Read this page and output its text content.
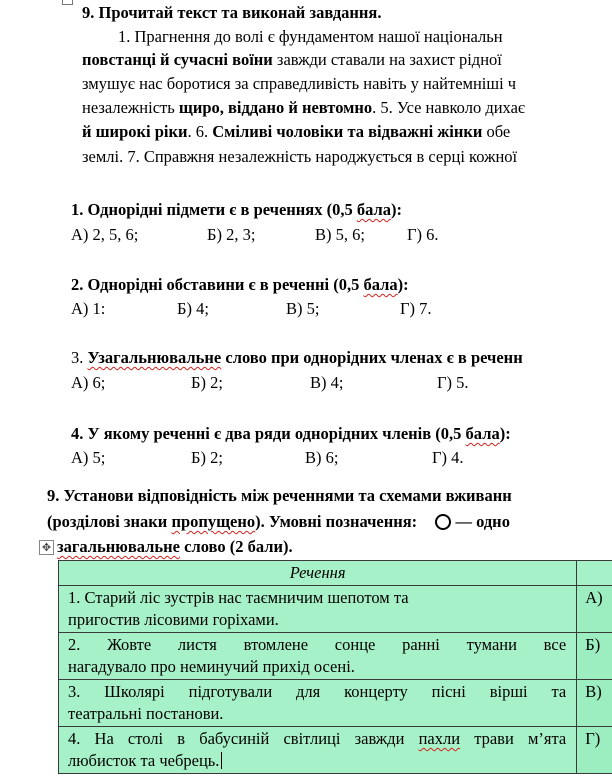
9. Прочитай текст та виконай завдання.
1. Прагнення до волі є фундаментом нашої національн
повстанці й сучасні воїни завжди ставали на захист рідної
змушує нас боротися за справедливість навіть у найтемніші ч
незалежність щиро, віддано й невтомно. 5. Усе навколо дихає
й широкі ріки. 6. Сміливі чоловіки та відважні жінки обе
землі. 7. Справжня незалежність народжується в серці кожної
1. Однорідні підмети є в реченнях (0,5 бала):
А) 2, 5, 6;	Б) 2, 3;	В) 5, 6;	Г) 6.
2. Однорідні обставини є в реченні (0,5 бала):
А) 1:	Б) 4;	В) 5;	Г) 7.
3. Узагальнювальне слово при однорідних членах є в реченн
А) 6;	Б) 2;	В) 4;	Г) 5.
4. У якому реченні є два ряди однорідних членів (0,5 бала):
А) 5;	Б) 2;	В) 6;	Г) 4.
9. Установи відповідність між реченнями та схемами вживанн
(розділові знаки пропущено). Умовні позначення: — одно
✥ загальнювальне слово (2 бали).
Речення	

1. Старий ліс зустрів нас таємничим шепотом та
пригостив лісовими горіхами.	А)

2. Жовте листя втомлене сонце ранні тумани все
нагадувало про неминучий прихід осені.	Б)

3. Школярі підготували для концерту пісні вірші та
театральні постанови.	В)

4. На столі в бабусиній світлиці завжди пахли трави м’ята
любисток та чебрець.	Г)
